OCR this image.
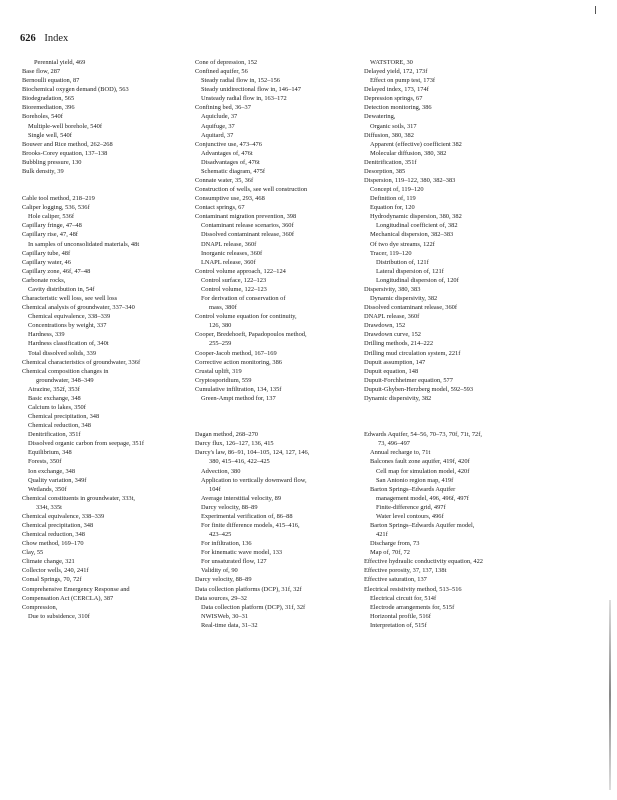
626 Index
Perennial yield, 469
Base flow, 287
Bernoulli equation, 87
Biochemical oxygen demand (BOD), 563
Biodegradation, 565
Bioremediation, 396
Boreholes, 540f
Multiple-well borehole, 540f
Single well, 540f
Bouwer and Rice method, 262–268
Brooks-Corey equation, 137–138
Bubbling pressure, 130
Bulk density, 39
Cable tool method, 218–219
Caliper logging, 536, 536f
Hole caliper, 536f
Capillary fringe, 47–48
Capillary rise, 47, 48f
In samples of unconsolidated materials, 48t
Capillary tube, 48f
Capillary water, 46
Capillary zone, 46f, 47–48
Carbonate rocks,
Cavity distribution in, 54f
Characteristic well loss, see well loss
Chemical analysis of groundwater, 337–340
Chemical equivalence, 338–339
Concentrations by weight, 337
Hardness, 339
Hardness classification of, 340t
Total dissolved solids, 339
Chemical characteristics of groundwater, 336f
Chemical composition changes in
groundwater, 348–349
Atrazine, 352f, 353f
Basic exchange, 348
Calcium to lakes, 350f
Chemical precipitation, 348
Chemical reduction, 348
Denitrification, 351f
Dissolved organic carbon from seepage, 351f
Equilibrium, 348
Forests, 350f
Ion exchange, 348
Quality variation, 349f
Wetlands, 350f
Chemical constituents in groundwater, 333t,
334t, 335t
Chemical equivalence, 338–339
Chemical precipitation, 348
Chemical reduction, 348
Chow method, 169–170
Clay, 55
Climate change, 321
Collector wells, 240, 241f
Comal Springs, 70, 72f
Comprehensive Emergency Response and
Compensation Act (CERCLA), 387
Compression,
Due to subsidence, 310f
Cone of depression, 152
Confined aquifer, 56
Steady radial flow in, 152–156
Steady unidirectional flow in, 146–147
Unsteady radial flow in, 163–172
Confining bed, 36–37
Aquiclude, 37
Aquifuge, 37
Aquitard, 37
Conjunctive use, 473–476
Advantages of, 476t
Disadvantages of, 476t
Schematic diagram, 475f
Connate water, 35, 36f
Construction of wells, see well construction
Consumptive use, 293, 468
Contact springs, 67
Contaminant migration prevention, 398
Contaminant release scenarios, 360f
Dissolved contaminant release, 360f
DNAPL release, 360f
Inorganic releases, 360f
LNAPL release, 360f
Control volume approach, 122–124
Control surface, 122–123
Control volume, 122–123
For derivation of conservation of
mass, 380f
Control volume equation for continuity,
126, 380
Cooper, Bredehoeft, Papadopoulos method,
255–259
Cooper-Jacob method, 167–169
Corrective action monitoring, 386
Crustal uplift, 319
Cryptosporidium, 559
Cumulative infiltration, 134, 135f
Green-Ampt method for, 137
Dagan method, 268–270
Darcy flux, 126–127, 136, 415
Darcy's law, 86–91, 104–105, 124, 127, 146,
380, 415–416, 422–425
Advection, 380
Application to vertically downward flow,
104f
Average interstitial velocity, 89
Darcy velocity, 88–89
Experimental verification of, 86–88
For finite difference models, 415–416,
423–425
For infiltration, 136
For kinematic wave model, 133
For unsaturated flow, 127
Validity of, 90
Darcy velocity, 88–89
Data collection platforms (DCP), 31f, 32f
Data sources, 29–32
Data collection platform (DCP), 31f, 32f
NWISWeb, 30–31
Real-time data, 31–32
WATSTORE, 30
Delayed yield, 172, 173f
Effect on pump test, 173f
Delayed index, 173, 174f
Depression springs, 67
Detection monitoring, 386
Dewatering,
Organic soils, 317
Diffusion, 380, 382
Apparent (effective) coefficient 382
Molecular diffusion, 380, 382
Denitrification, 351f
Desorption, 385
Dispersion, 119–122, 380, 382–383
Concept of, 119–120
Definition of, 119
Equation for, 120
Hydrodynamic dispersion, 380, 382
Longitudinal coefficient of, 382
Mechanical dispersion, 382–383
Of two dye streams, 122f
Tracer, 119–120
Distribution of, 121f
Lateral dispersion of, 121f
Longitudinal dispersion of, 120f
Dispersivity, 380, 383
Dynamic dispersivity, 382
Dissolved contaminant release, 360f
DNAPL release, 360f
Drawdown, 152
Drawdown curve, 152
Drilling methods, 214–222
Drilling mud circulation system, 221f
Dupuit assumption, 147
Dupuit equation, 148
Dupuit-Forchheimer equation, 577
Dupuit-Ghyben-Herzberg model, 592–593
Dynamic dispersivity, 382
Edwards Aquifer, 54–56, 70–73, 70f, 71t, 72f,
73, 496–497
Annual recharge to, 71t
Balcones fault zone aquifer, 419f, 420f
Cell map for simulation model, 420f
San Antonio region map, 419f
Barton Springs–Edwards Aquifer
management model, 496, 496f, 497f
Finite-difference grid, 497f
Water level contours, 496f
Barton Springs–Edwards Aquifer model,
421f
Discharge from, 73
Map of, 70f, 72
Effective hydraulic conductivity equation, 422
Effective porosity, 37, 137, 138t
Effective saturation, 137
Electrical resistivity method, 513–516
Electrical circuit for, 514f
Electrode arrangements for, 515f
Horizontal profile, 516f
Interpretation of, 515f
